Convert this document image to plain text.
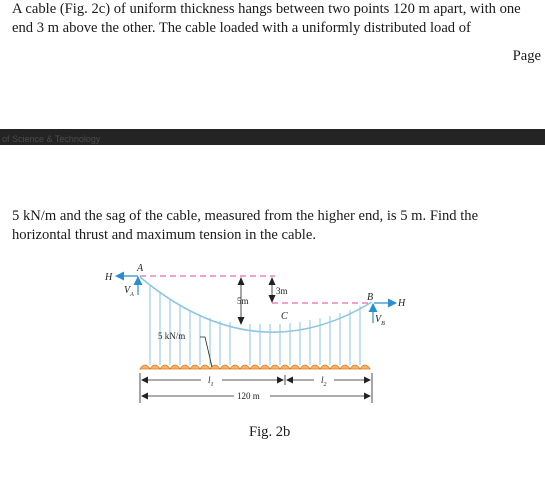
A cable (Fig. 2c) of uniform thickness hangs between two points 120 m apart, with one end 3 m above the other. The cable loaded with a uniformly distributed load of

Page
of Science & Technology

5 kN/m and the sag of the cable, measured from the higher end, is 5 m. Find the horizontal thrust and maximum tension in the cable.

H
A
$V_A$
5m
3m
B
H
$V_B$
C
5 kN/m
$l_1$	$l_2$
120 m
Fig. 2b
